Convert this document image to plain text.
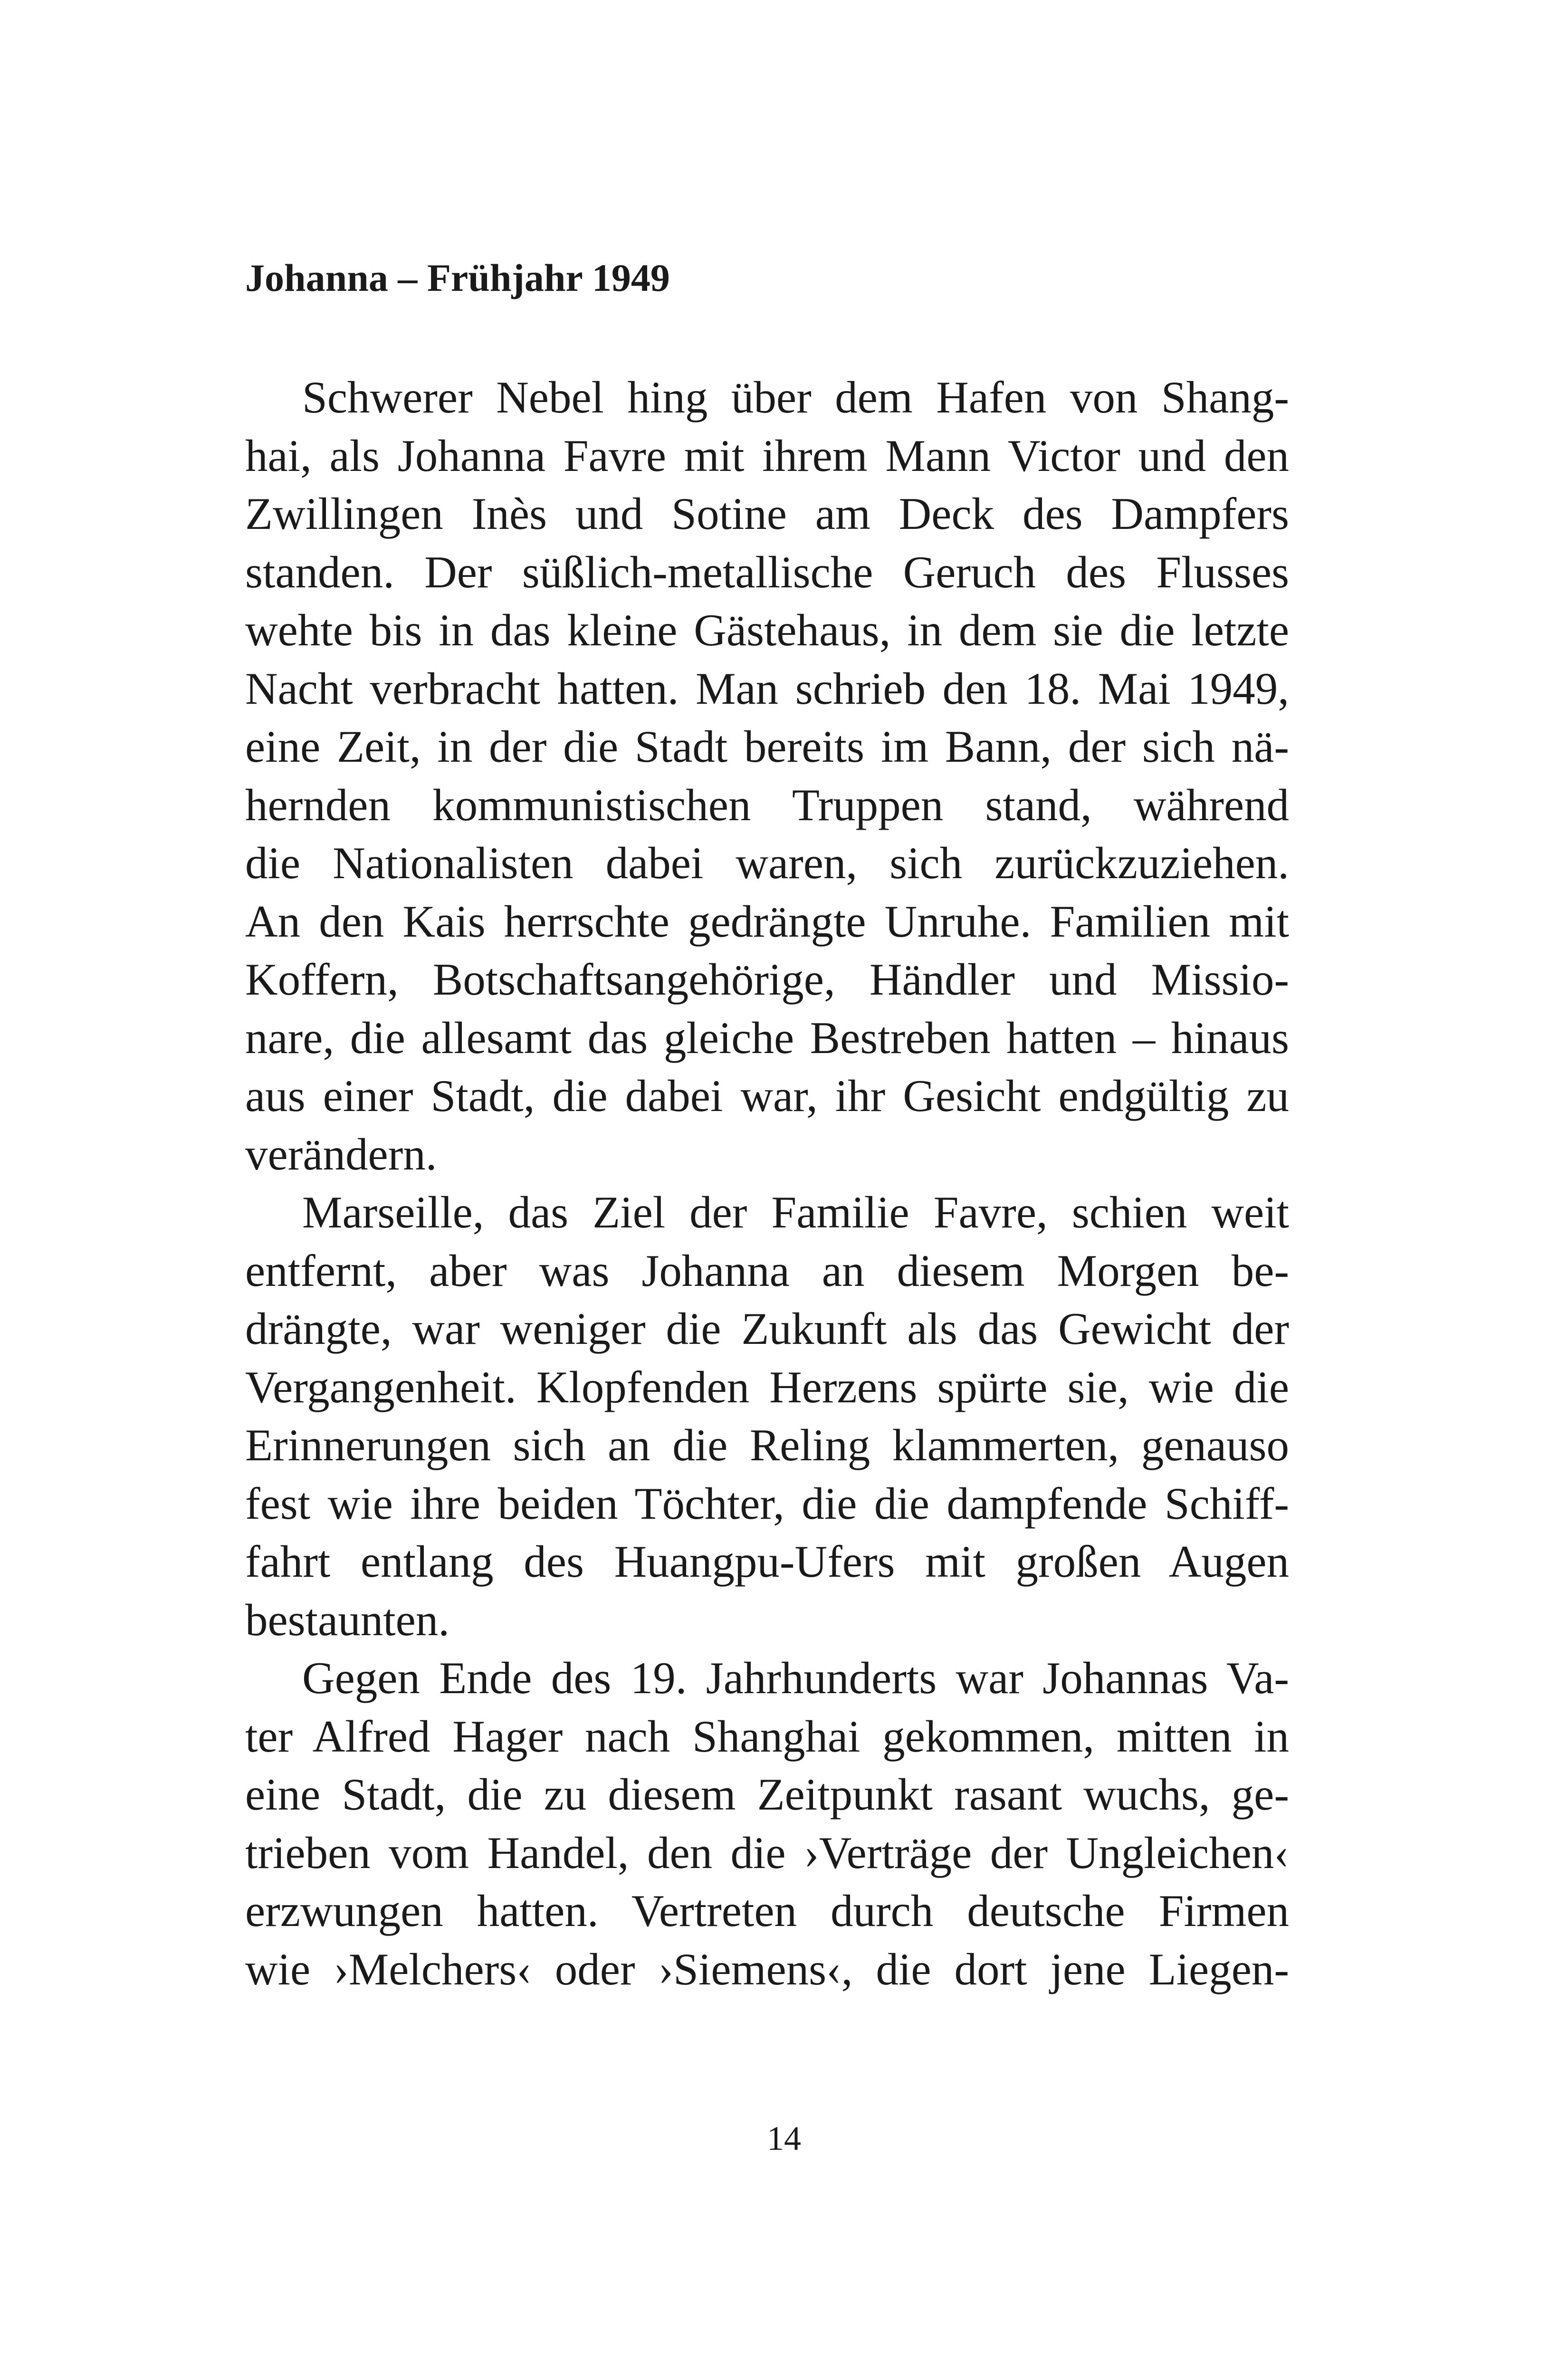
Johanna – Frühjahr 1949

Schwerer Nebel hing über dem Hafen von Shang-
hai, als Johanna Favre mit ihrem Mann Victor und den
Zwillingen Inès und Sotine am Deck des Dampfers
standen. Der süßlich-metallische Geruch des Flusses
wehte bis in das kleine Gästehaus, in dem sie die letzte
Nacht verbracht hatten. Man schrieb den 18. Mai 1949,
eine Zeit, in der die Stadt bereits im Bann, der sich nä-
hernden kommunistischen Truppen stand, während
die Nationalisten dabei waren, sich zurückzuziehen.
An den Kais herrschte gedrängte Unruhe. Familien mit
Koffern, Botschaftsangehörige, Händler und Missio-
nare, die allesamt das gleiche Bestreben hatten – hinaus
aus einer Stadt, die dabei war, ihr Gesicht endgültig zu
verändern.

Marseille, das Ziel der Familie Favre, schien weit
entfernt, aber was Johanna an diesem Morgen be-
drängte, war weniger die Zukunft als das Gewicht der
Vergangenheit. Klopfenden Herzens spürte sie, wie die
Erinnerungen sich an die Reling klammerten, genauso
fest wie ihre beiden Töchter, die die dampfende Schiff-
fahrt entlang des Huangpu-Ufers mit großen Augen
bestaunten.

Gegen Ende des 19. Jahrhunderts war Johannas Va-
ter Alfred Hager nach Shanghai gekommen, mitten in
eine Stadt, die zu diesem Zeitpunkt rasant wuchs, ge-
trieben vom Handel, den die ›Verträge der Ungleichen‹
erzwungen hatten. Vertreten durch deutsche Firmen
wie ›Melchers‹ oder ›Siemens‹, die dort jene Liegen-

14
